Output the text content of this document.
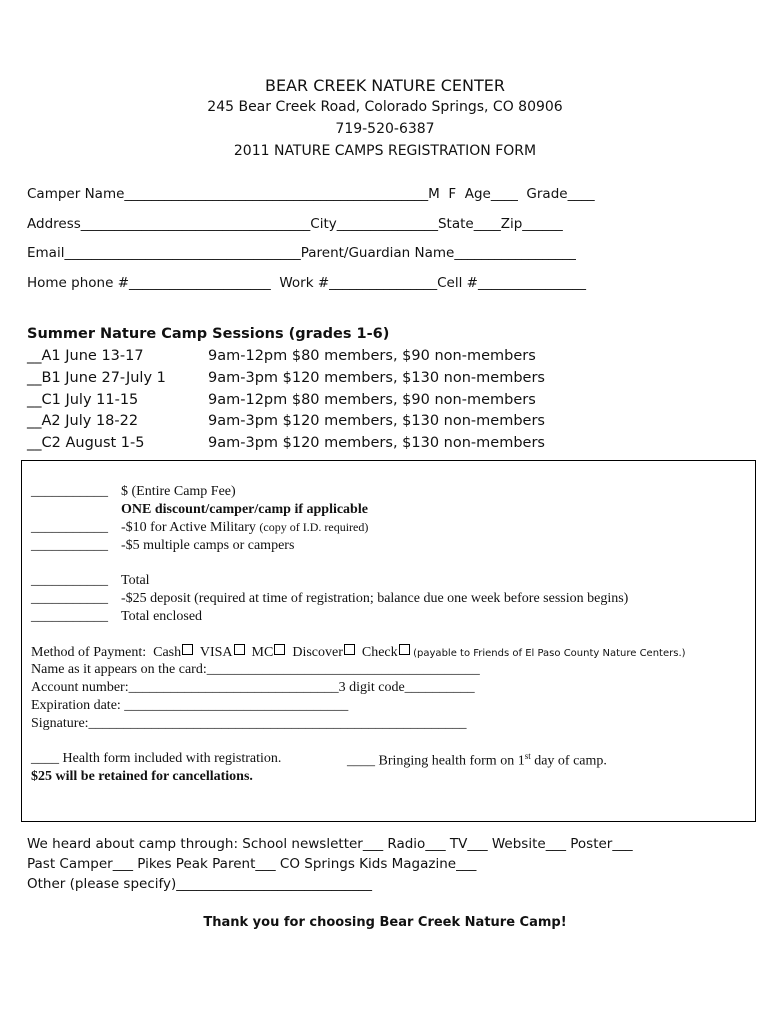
BEAR CREEK NATURE CENTER
245 Bear Creek Road, Colorado Springs, CO 80906
719-520-6387
2011 NATURE CAMPS REGISTRATION FORM
Camper Name_____________________________________________M  F  Age____  Grade____
Address__________________________________City_______________State____Zip______
Email___________________________________Parent/Guardian Name__________________
Home phone #_____________________  Work #________________Cell #________________
Summer Nature Camp Sessions (grades 1-6)
__A1 June 13-17	9am-12pm $80 members, $90 non-members
__B1 June 27-July 1	9am-3pm $120 members, $130 non-members
__C1 July 11-15	9am-12pm $80 members, $90 non-members
__A2 July 18-22	9am-3pm $120 members, $130 non-members
__C2 August 1-5	9am-3pm $120 members, $130 non-members
___________ $ (Entire Camp Fee)
ONE discount/camper/camp if applicable
___________ -$10 for Active Military (copy of I.D. required)
___________ -$5 multiple camps or campers
___________ Total
___________ -$25 deposit (required at time of registration; balance due one week before session begins)
___________ Total enclosed
Method of Payment: Cash VISA MC Discover Check (payable to Friends of El Paso County Nature Centers.)
Name as it appears on the card:_______________________________________
Account number:______________________________3 digit code__________
Expiration date: ________________________________
Signature:______________________________________________________
____ Health form included with registration.	____ Bringing health form on 1st day of camp.
$25 will be retained for cancellations.
We heard about camp through: School newsletter___ Radio___ TV___ Website___ Poster___
Past Camper___ Pikes Peak Parent___ CO Springs Kids Magazine___
Other (please specify)_____________________________
Thank you for choosing Bear Creek Nature Camp!
